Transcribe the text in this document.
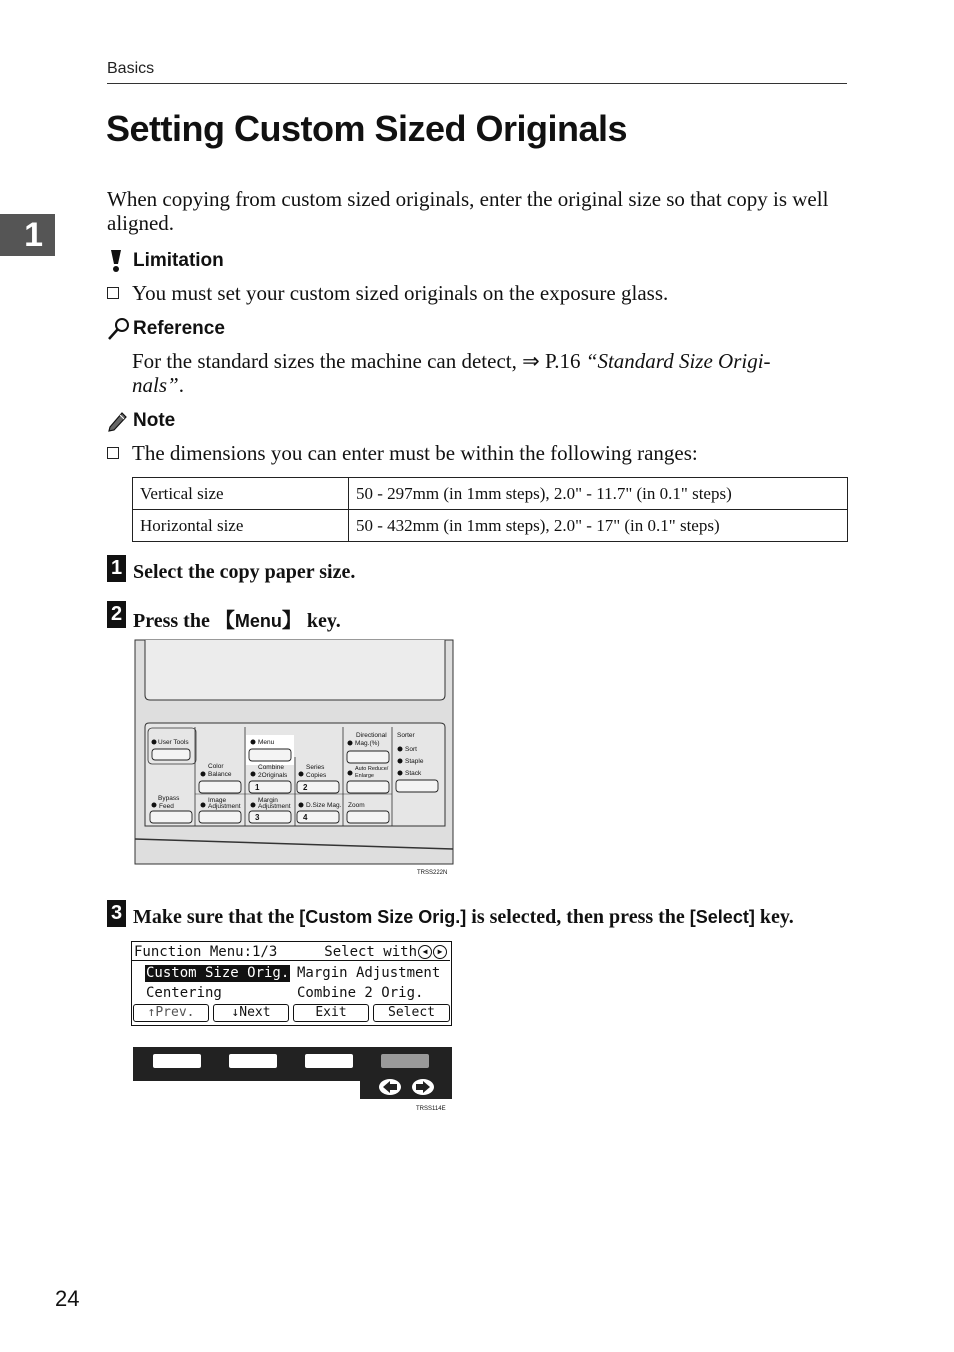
Basics
Setting Custom Sized Originals
1
When copying from custom sized originals, enter the original size so that copy is well aligned.
Limitation
You must set your custom sized originals on the exposure glass.
Reference
For the standard sizes the machine can detect, ⇒ P.16 “Standard Size Origi-
nals”.
Note
The dimensions you can enter must be within the following ranges:
Vertical size	50 - 297mm (in 1mm steps), 2.0" - 11.7" (in 0.1" steps)
Horizontal size	50 - 432mm (in 1mm steps), 2.0" - 17" (in 0.1" steps)
1 Select the copy paper size.
2 Press the 【Menu】 key.
User Tools	Menu
Directional
Mag.(%)
Sorter
Sort
Staple
Stack
Color
Balance
Combine
2Originals
1
Series
Copies
2
Auto Reduce/
Enlarge
Bypass
Feed
Image
Adjustment
Margin
Adjustment
3
D.Size Mag.
4
Zoom
TRSS222N
3 Make sure that the [Custom Size Orig.] is selected, then press the [Select] key.
Function Menu:1/3	Select with ◀	▶
Custom Size Orig. Margin Adjustment
Centering	Combine 2 Orig.
↑Prev.	↓Next	Exit	Select
TRSS114E
24
